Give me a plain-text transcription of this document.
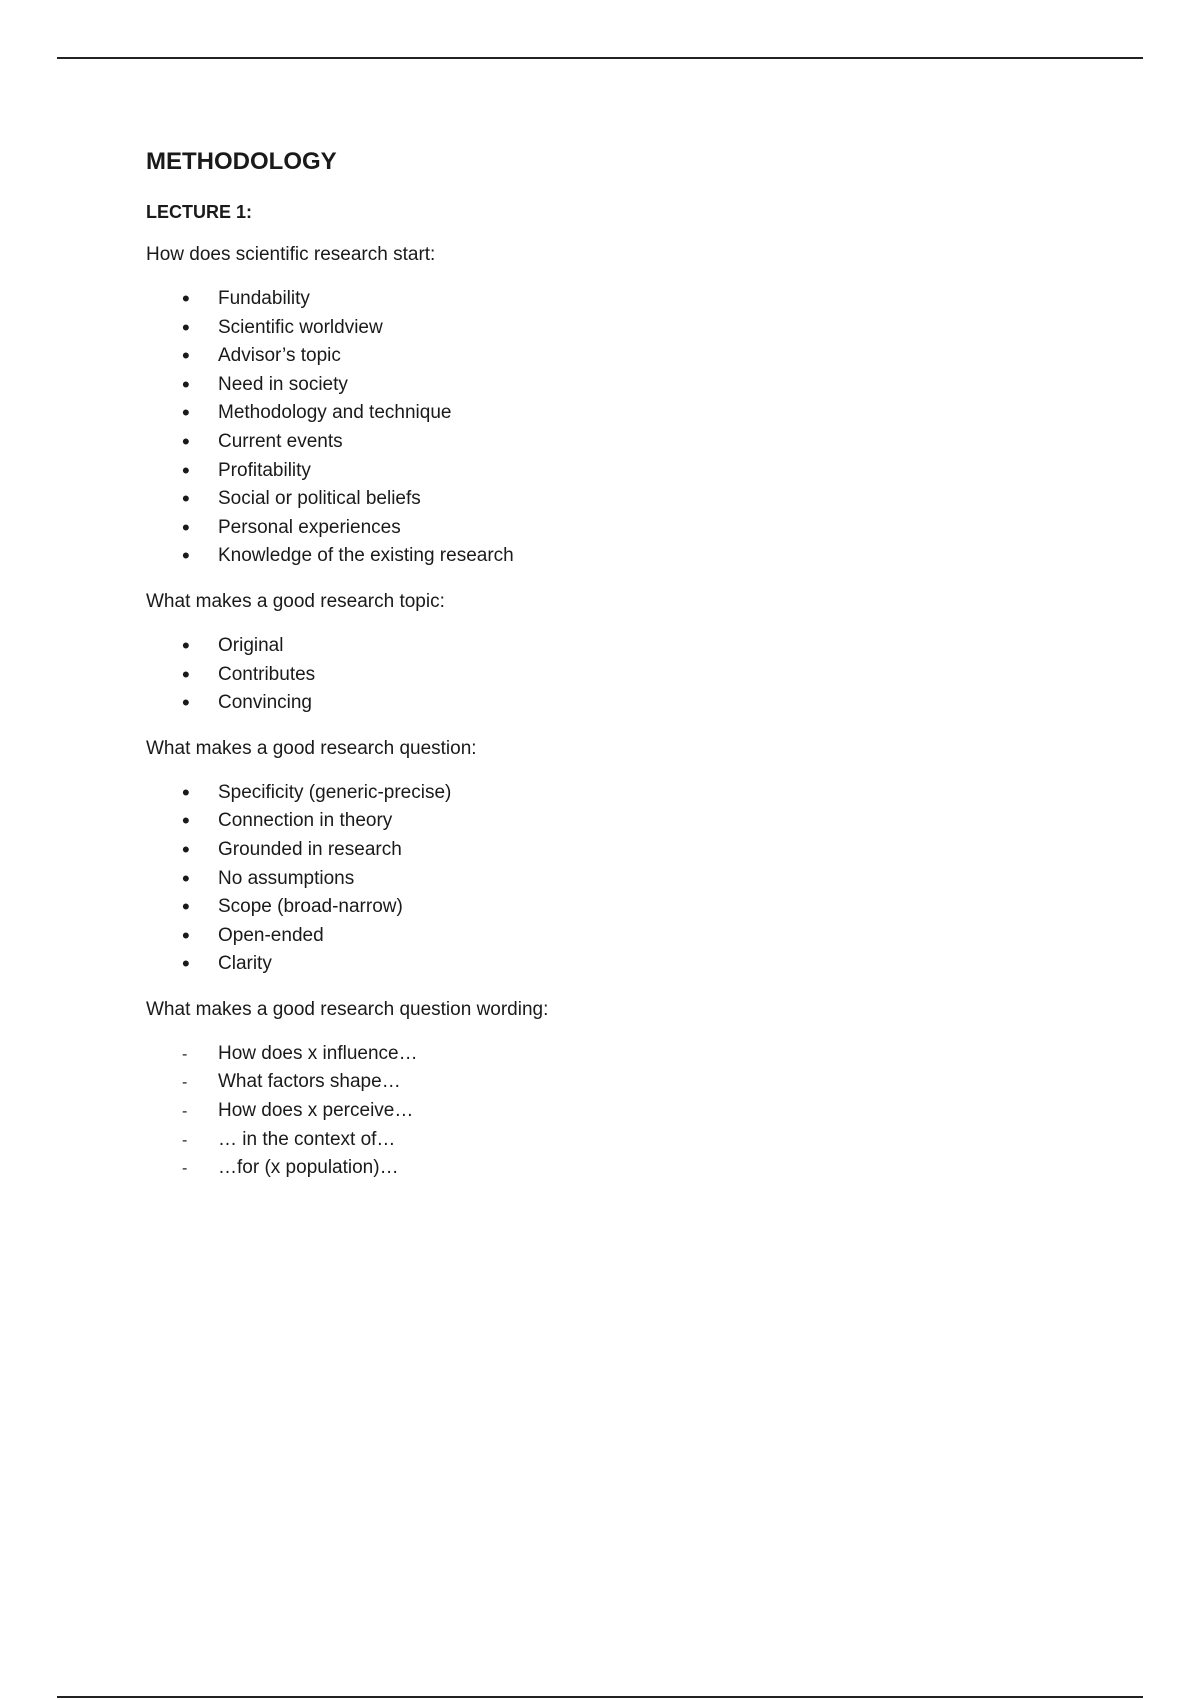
METHODOLOGY
LECTURE 1:
How does scientific research start:
•
Fundability
•
Scientific worldview
•
Advisor’s topic
•
Need in society
•
Methodology and technique
•
Current events
•
Profitability
•
Social or political beliefs
•
Personal experiences
•
Knowledge of the existing research
What makes a good research topic:
•
Original
•
Contributes
•
Convincing
What makes a good research question:
•
Specificity (generic-precise)
•
Connection in theory
•
Grounded in research
•
No assumptions
•
Scope (broad-narrow)
•
Open-ended
•
Clarity
What makes a good research question wording:
-
How does x influence…
-
What factors shape…
-
How does x perceive…
-
… in the context of…
-
…for (x population)…
